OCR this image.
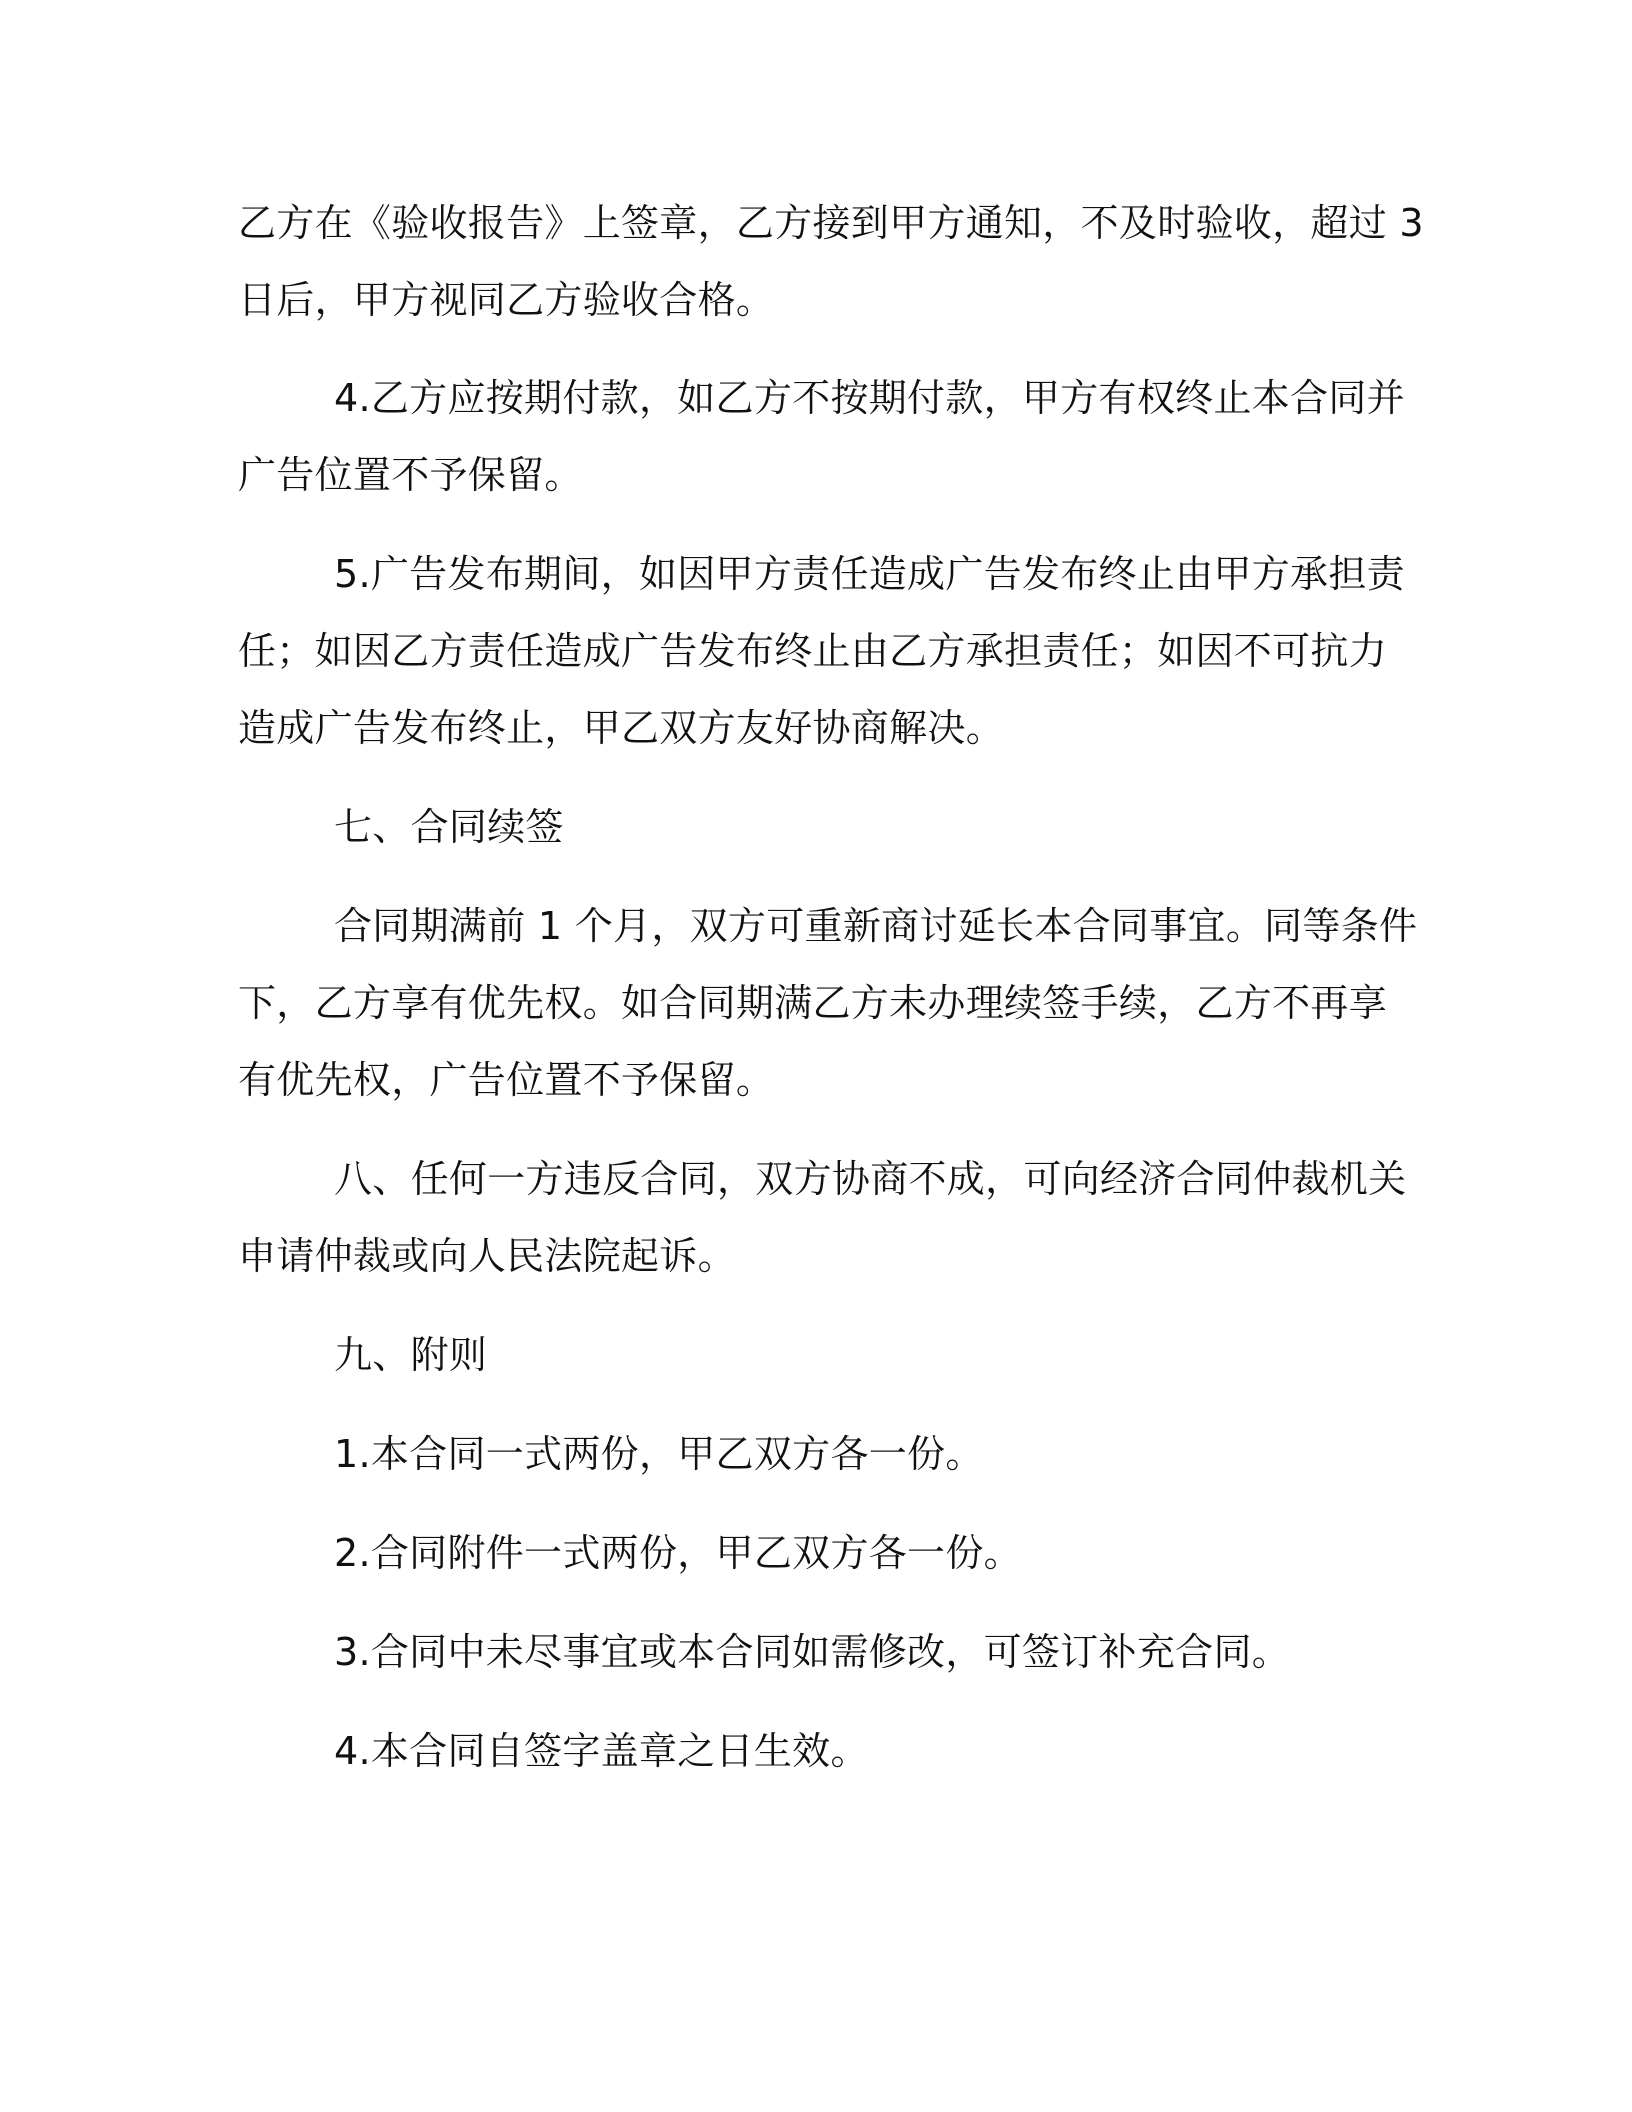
乙方在《验收报告》上签章，乙方接到甲方通知，不及时验收，超过 3

日后，甲方视同乙方验收合格。

4.乙方应按期付款，如乙方不按期付款，甲方有权终止本合同并

广告位置不予保留。

5.广告发布期间，如因甲方责任造成广告发布终止由甲方承担责

任；如因乙方责任造成广告发布终止由乙方承担责任；如因不可抗力

造成广告发布终止，甲乙双方友好协商解决。

七、合同续签

合同期满前 1 个月，双方可重新商讨延长本合同事宜。同等条件

下，乙方享有优先权。如合同期满乙方未办理续签手续，乙方不再享

有优先权，广告位置不予保留。

八、任何一方违反合同，双方协商不成，可向经济合同仲裁机关

申请仲裁或向人民法院起诉。

九、附则

1.本合同一式两份，甲乙双方各一份。

2.合同附件一式两份，甲乙双方各一份。

3.合同中未尽事宜或本合同如需修改，可签订补充合同。

4.本合同自签字盖章之日生效。
